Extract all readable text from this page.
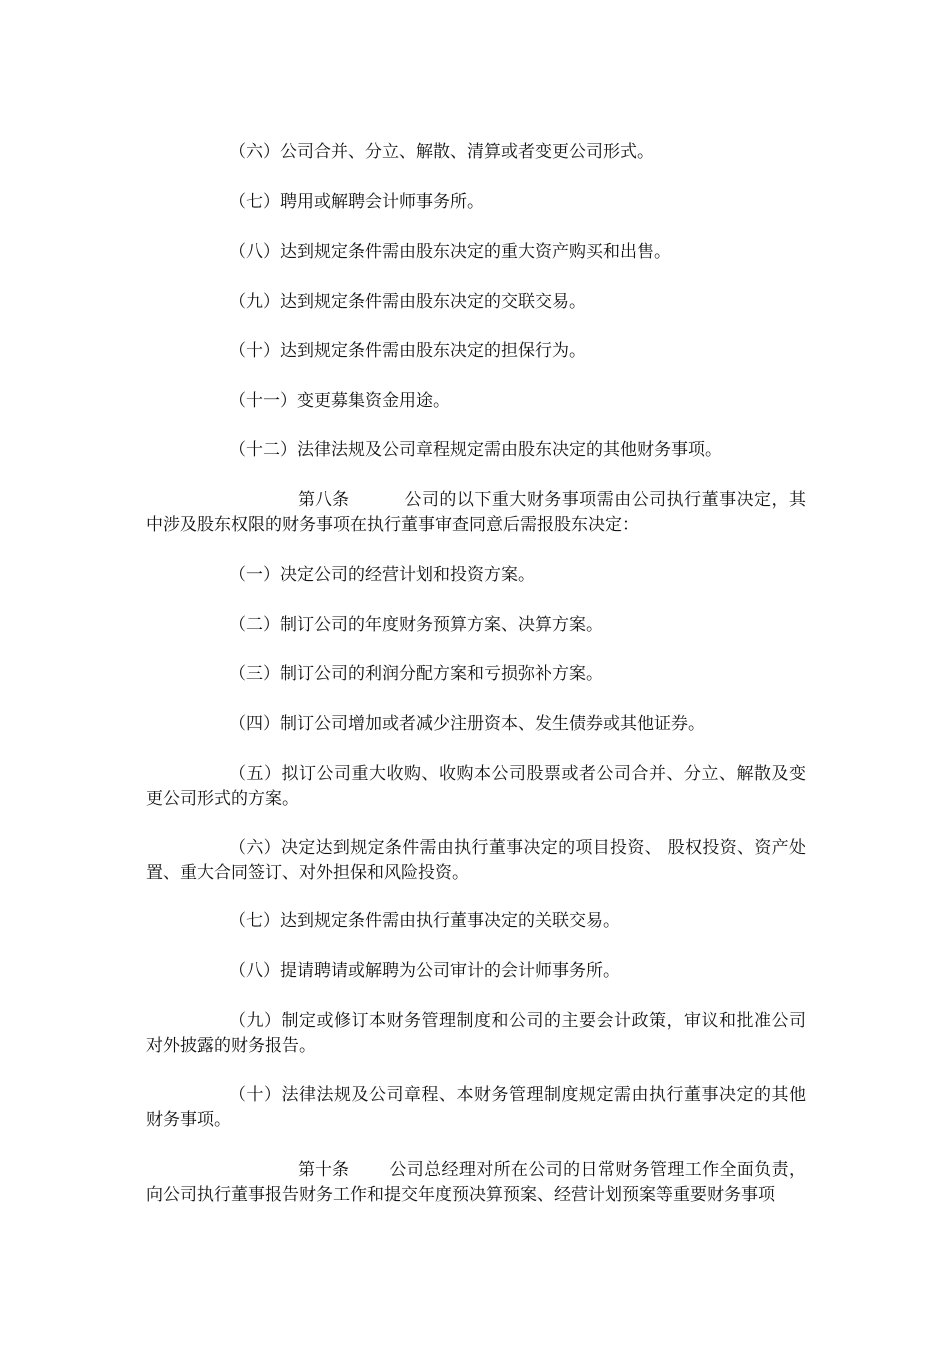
（六）公司合并、分立、解散、清算或者变更公司形式。

（七）聘用或解聘会计师事务所。

（八）达到规定条件需由股东决定的重大资产购买和出售。

（九）达到规定条件需由股东决定的交联交易。

（十）达到规定条件需由股东决定的担保行为。

（十一）变更募集资金用途。

（十二）法律法规及公司章程规定需由股东决定的其他财务事项。

第八条	公司的以下重大财务事项需由公司执行董事决定，其中涉及股东权限的财务事项在执行董事审查同意后需报股东决定：

（一）决定公司的经营计划和投资方案。

（二）制订公司的年度财务预算方案、决算方案。

（三）制订公司的利润分配方案和亏损弥补方案。

（四）制订公司增加或者减少注册资本、发生债券或其他证券。

（五）拟订公司重大收购、收购本公司股票或者公司合并、分立、解散及变更公司形式的方案。

（六）决定达到规定条件需由执行董事决定的项目投资、 股权投资、资产处置、重大合同签订、对外担保和风险投资。

（七）达到规定条件需由执行董事决定的关联交易。

（八）提请聘请或解聘为公司审计的会计师事务所。

（九）制定或修订本财务管理制度和公司的主要会计政策，审议和批准公司对外披露的财务报告。

（十）法律法规及公司章程、本财务管理制度规定需由执行董事决定的其他财务事项。

第十条 公司总经理对所在公司的日常财务管理工作全面负责，向公司执行董事报告财务工作和提交年度预决算预案、经营计划预案等重要财务事项
